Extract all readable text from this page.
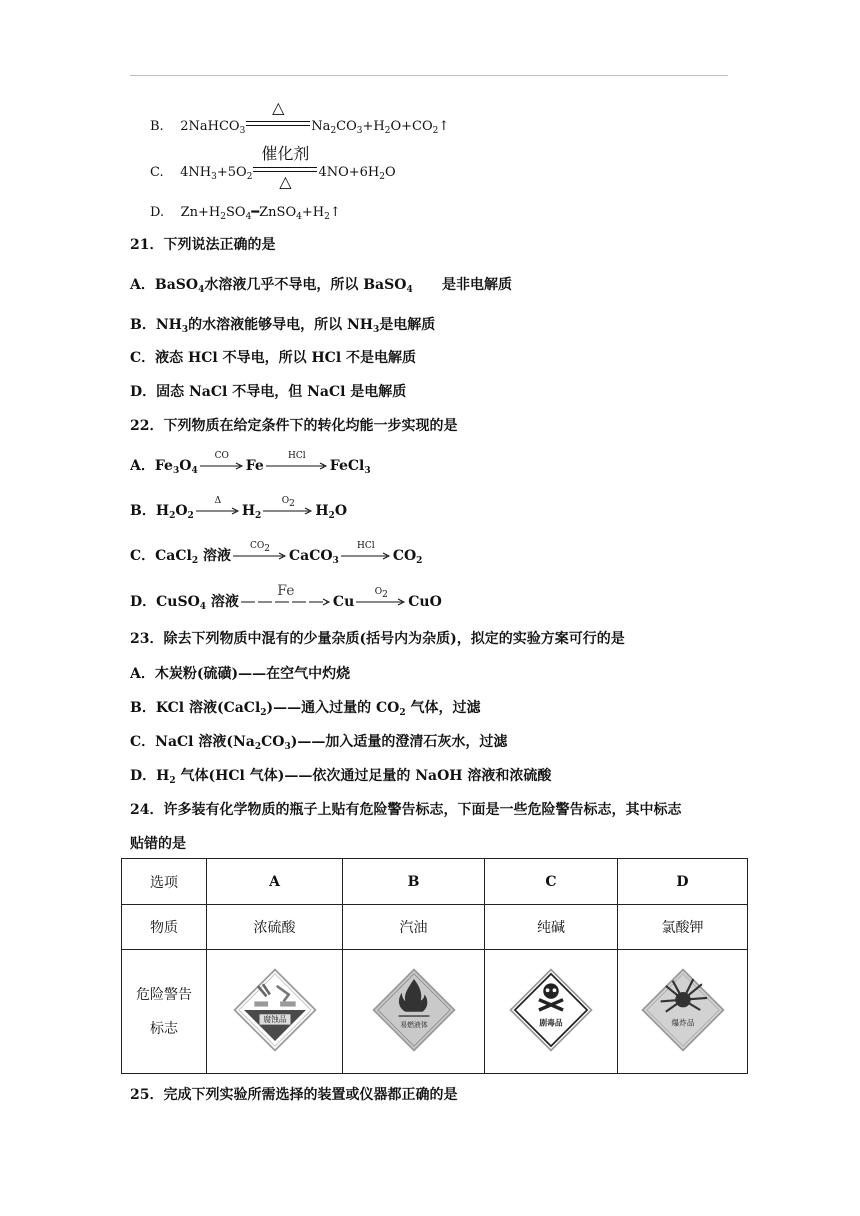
B. 2NaHCO$_3$
△
$Na_2CO_3+H_2O+CO_2↑$
C. $4NH_3+5O_2$
催化剂
△	$4NO+6H_2O$
D. $Zn+H_2SO_4━ZnSO_4+H_2↑$
21．下列说法正确的是
A．BaSO$_4$水溶液几乎不导电，所以 BaSO$_4$ 是非电解质
B．$NH_3$的水溶液能够导电，所以 $NH_3$是电解质
C．液态 HCl 不导电，所以 HCl 不是电解质
D．固态 NaCl 不导电，但 NaCl 是电解质
22．下列物质在给定条件下的转化均能一步实现的是
A．$Fe_3O_4$
CO
Fe
HCl
FeCl$_3$
B．$H_2O_2$
Δ
$H_2$
$O_2$	$H_2O$
C．CaCl$_2$ 溶液
$CO_2$	CaCO$_3$
HCl
$CO_2$
D．CuSO$_4$ 溶液
Fe
Cu
$O_2$	CuO
23．除去下列物质中混有的少量杂质(括号内为杂质)，拟定的实验方案可行的是
A．木炭粉(硫磺)——在空气中灼烧
B．KCl 溶液(CaCl$_2$)——通入过量的 $CO_2$ 气体，过滤
C．NaCl 溶液$(Na_2CO_3)——$加入适量的澄清石灰水，过滤
D．$H_2$ 气体(HCl 气体)——依次通过足量的 NaOH 溶液和浓硫酸
24．许多装有化学物质的瓶子上贴有危险警告标志，下面是一些危险警告标志，其中标志
贴错的是
选项	A	B	C	D
物质	浓硫酸	汽油	纯碱	氯酸钾

危险警告
标志	腐蚀品	易燃液体	剧毒品	爆炸品
25．完成下列实验所需选择的装置或仪器都正确的是
